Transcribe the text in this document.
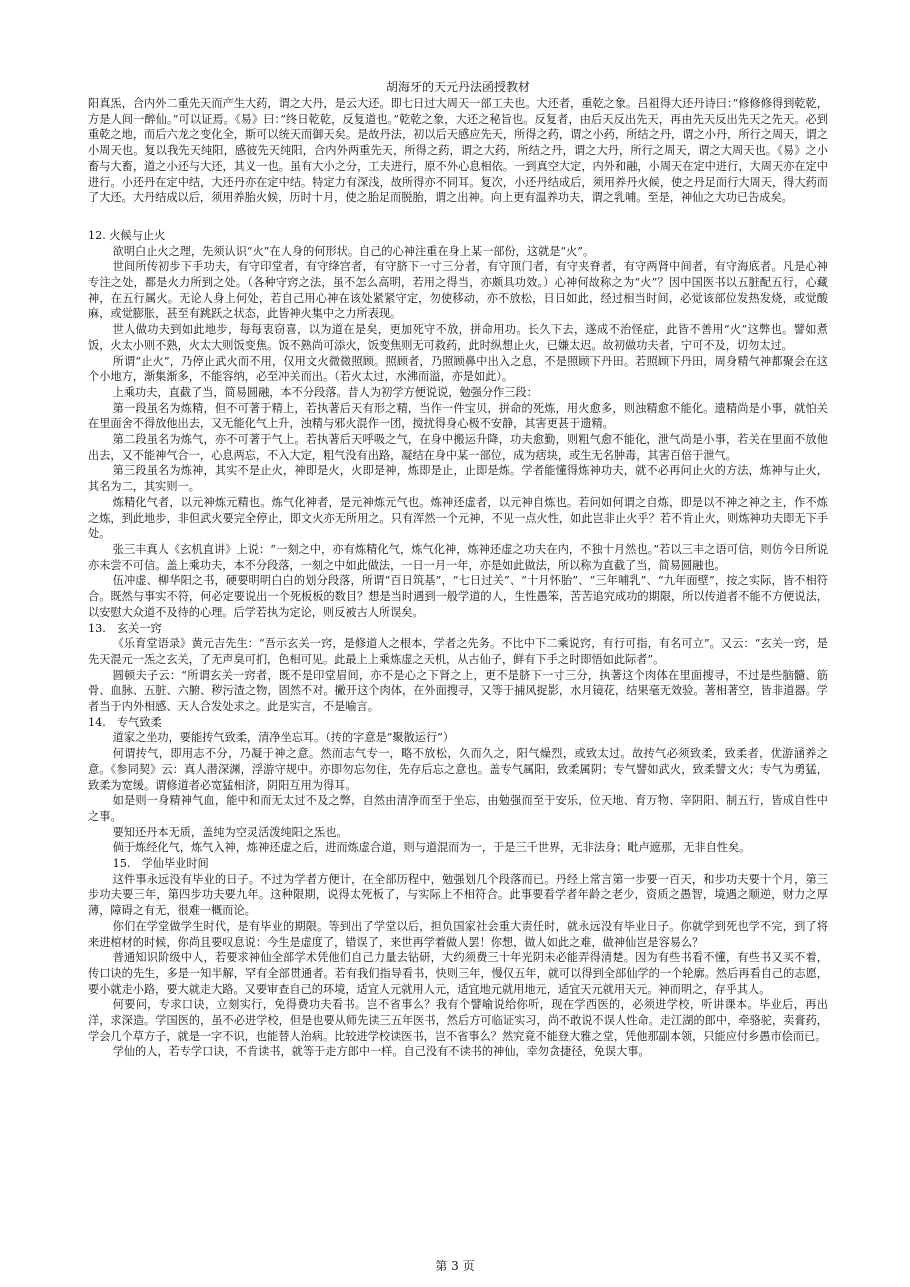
胡海牙的天元丹法函授教材

阳真炁，合内外二重先天而产生大药，谓之大丹，是云大还。即七日过大周天一部工夫也。大还者，重乾之象。吕祖得大还丹诗曰：”修修修得到乾乾，方是人间一醉仙。”可以证焉。《易》曰：”终日乾乾，反复道也。”乾乾之象，大还之秘旨也。反复者，由后天反出先天，再由先天反出先天之先天。必到重乾之地，而后六龙之变化全，斯可以统天而御天矣。是故丹法，初以后天感应先天，所得之药，谓之小药，所结之丹，谓之小丹，所行之周天，谓之小周天也。复以我先天纯阳，感彼先天纯阳，合内外两重先天，所得之药，谓之大药，所结之丹，谓之大丹，所行之周天，谓之大周天也。《易》之小畜与大畜，道之小还与大还，其义一也。虽有大小之分，工夫进行，原不外心息相依。一到真空大定，内外和融，小周天在定中进行，大周天亦在定中进行。小还丹在定中结，大还丹亦在定中结。特定力有深浅，故所得亦不同耳。复次，小还丹结成后，须用养丹火候，使之丹足而行大周天，得大药而了大还。大丹结成以后，须用养胎火候，历时十月，使之胎足而脱胎，谓之出神。向上更有温养功夫，谓之乳哺。至是，神仙之大功已告成矣。

12. 火候与止火

欲明白止火之理，先须认识“火”在人身的何形状。自己的心神注重在身上某一部份，这就是“火”。

世间所传初步下手功夫，有守印堂者，有守绛宫者，有守脐下一寸三分者，有守顶门者，有守夹脊者，有守两肾中间者，有守海底者。凡是心神专注之处，都是火力所到之处。（各种守窍之法，虽不怎么高明，若用之得当，亦颇具功效。）心神何故称之为“火”？因中国医书以五脏配五行，心藏神，在五行属火。无论人身上何处，若自己用心神在该处紧紧守定，勿使移动，亦不放松，日日如此，经过相当时间，必觉该部位发热发烧，或觉酸麻，或觉膨胀，甚至有跳跃之状态，此皆神火集中之力所表现。

世人做功夫到如此地步，每每衷窃喜，以为道在是矣，更加死守不放，拼命用功。长久下去，遂成不治怪症，此皆不善用“火”这弊也。譬如煮饭，火太小则不熟，火太大则饭变焦。饭不熟尚可添火，饭变焦则无可救药，此时纵想止火，已嫌太迟。故初做功夫者，宁可不及，切勿太过。

所谓“止火”，乃停止武火而不用，仅用文火微微照顾。照顾者，乃照顾鼻中出入之息，不是照顾下丹田。若照顾下丹田，周身精气神都聚会在这个小地方，渐集渐多，不能容纳，必至冲关而出。（若火太过，水沸而溢，亦是如此）。

上乘功夫，直截了当，简易圆融，本不分段落。昔人为初学方便说说，勉强分作三段：

第一段虽名为炼精，但不可著于精上，若执著后天有形之精，当作一件宝贝，拼命的死炼，用火愈多，则浊精愈不能化。遗精尚是小事，就怕关在里面舍不得放他出去，又无能化气上升，浊精与邪火混作一团，搅扰得身心极不安静，其害更甚于遗精。

第二段虽名为炼气，亦不可著于气上。若执著后天呼吸之气，在身中搬运升降，功夫愈勤，则粗气愈不能化，泄气尚是小事，若关在里面不放他出去，又不能神气合一，心息两忘，不入大定，粗气没有出路，凝结在身中某一部位，成为痞块，或生无名肿毒，其害百倍于泄气。

第三段虽名为炼神，其实不是止火，神即是火，火即是神，炼即是止，止即是炼。学者能懂得炼神功夫，就不必再问止火的方法，炼神与止火，其名为二，其实则一。

炼精化气者，以元神炼元精也。炼气化神者，是元神炼元气也。炼神还虚者，以元神自炼也。若问如何谓之自炼，即是以不神之神之主，作不炼之炼，到此地步，非但武火要完全停止，即文火亦无所用之。只有浑然一个元神，不见一点火性，如此岂非止火乎？若不肯止火，则炼神功夫即无下手处。

张三丰真人《玄机直讲》上说：“一刻之中，亦有炼精化气，炼气化神，炼神还虚之功夫在内，不独十月然也。”若以三丰之语可信，则仿今日所说亦未尝不可信。盖上乘功夫，本不分段落，一刻之中如此做法，一日一月一年，亦是如此做法，所以称为直截了当，简易圆融也。

伍冲虚、柳华阳之书，硬要明明白白的划分段落，所谓“百日筑基”，“七日过关”、“十月怀胎”、“三年哺乳”、“九年面壁”，按之实际，皆不相符合。既然与事实不符，何必定要说出一个死板板的数目？想是当时遇到一般学道的人，生性愚笨，苦苦追究成功的期限，所以传道者不能不方便说法，以安慰大众道不及待的心理。后学若执为定论，则反被古人所误矣。

13.　玄关一窍

《乐育堂语录》黄元吉先生：“吾示玄关一窍，是修道人之根本，学者之先务。不比中下二乘说窍，有行可指，有名可立”。又云：“玄关一窍，是先天混元一炁之玄关，了无声臭可扪，色相可见。此最上上乘炼虚之天机，从古仙子，鲜有下手之时即悟如此际者”。

圆顿夫子云：“所谓玄关一窍者，既不是印堂眉间，亦不是心之下肾之上，更不是脐下一寸三分，执著这个肉体在里面搜寻，不过是些脑髓、筋骨、血脉、五脏、六腑、秽污渣之物，固然不对。撇开这个肉体，在外面搜寻，又等于捕风捉影，水月镜花，结果毫无效验。著相著空，皆非道器。学者当于内外相感、天人合发处求之。此是实言，不是喻言。

14.　专气致柔

道家之坐功，要能抟气致柔，清净坐忘耳。（抟的字意是”聚散运行”）

何谓抟气，即用志不分，乃凝于神之意。然而志气专一，略不放松，久而久之，阳气燥烈，或致太过。故抟气必须致柔，致柔者，优游涵养之意。《参同契》云：真人潜深渊，浮游守规中。亦即勿忘勿住，先存后忘之意也。盖专气属阳，致柔属阴；专气譬如武火，致柔譬文火；专气为勇猛，致柔为宽缓。谓修道者必宽猛相济，阴阳互用为得耳。

如是则一身精神气血，能中和而无太过不及之弊，自然由清净而至于坐忘，由勉强而至于安乐，位天地、育万物、宰阴阳、制五行，皆成自性中之事。

要知还丹本无质，盖纯为空灵活泼纯阳之炁也。

倘于炼经化气，炼气入神，炼神还虚之后，进而炼虚合道，则与道混而为一，于是三千世界，无非法身；毗卢遮那，无非自性矣。

15.　学仙毕业时间

这件事永远没有毕业的日子。不过为学者方便计，在全部历程中，勉强划几个段落而已。丹经上常言第一步要一百天，和步功夫要十个月，第三步功夫要三年，第四步功夫要九年。这种限期，说得太死板了，与实际上不相符合。此事要看学者年龄之老少，资质之愚智，境遇之顺逆，财力之厚薄，障碍之有无，很难一概而论。

你们在学堂做学生时代，是有毕业的期限。等到出了学堂以后，担负国家社会重大责任时，就永远没有毕业日子。你就学到死也学不完，到了将来进棺材的时候，你尚且要叹息说：今生是虚度了，错误了，来世再学着做人罢！你想，做人如此之难，做神仙岂是容易么？

普通知识阶级中人，若要求神仙全部学术凭他们自己力量去钻研，大约须费三十年光阴未必能弄得清楚。因为有些书看不懂，有些书又买不着，传口诀的先生，多是一知半解，罕有全部贯通者。若有我们指导看书，快则三年，慢仅五年，就可以得到全部仙学的一个轮廓。然后再看自己的志愿，要小就走小路，要大就走大路。又要审查自己的环境，适宜人元就用人元，适宜地元就用地元，适宜天元就用天元。神而明之，存乎其人。

何要问，专求口诀，立刻实行，免得费功夫看书。岂不省事么？我有个譬喻说给你听，现在学西医的，必须进学校，听讲课本。毕业后，再出洋，求深造。学国医的，虽不必进学校，但是也要从师先读三五年医书，然后方可临证实习，尚不敢说不误人性命。走江湖的郎中，牵骆驼，卖膏药，学会几个草方子，就是一字不识，也能替人治病。比较进学校读医书，岂不省事么？然究竟不能登大雅之堂，凭他那副本领，只能应付乡愚市侩而已。

学仙的人，若专学口诀，不肯读书，就等于走方郎中一样。自己没有不读书的神仙，幸勿贪捷径，免误大事。

第 3 页
